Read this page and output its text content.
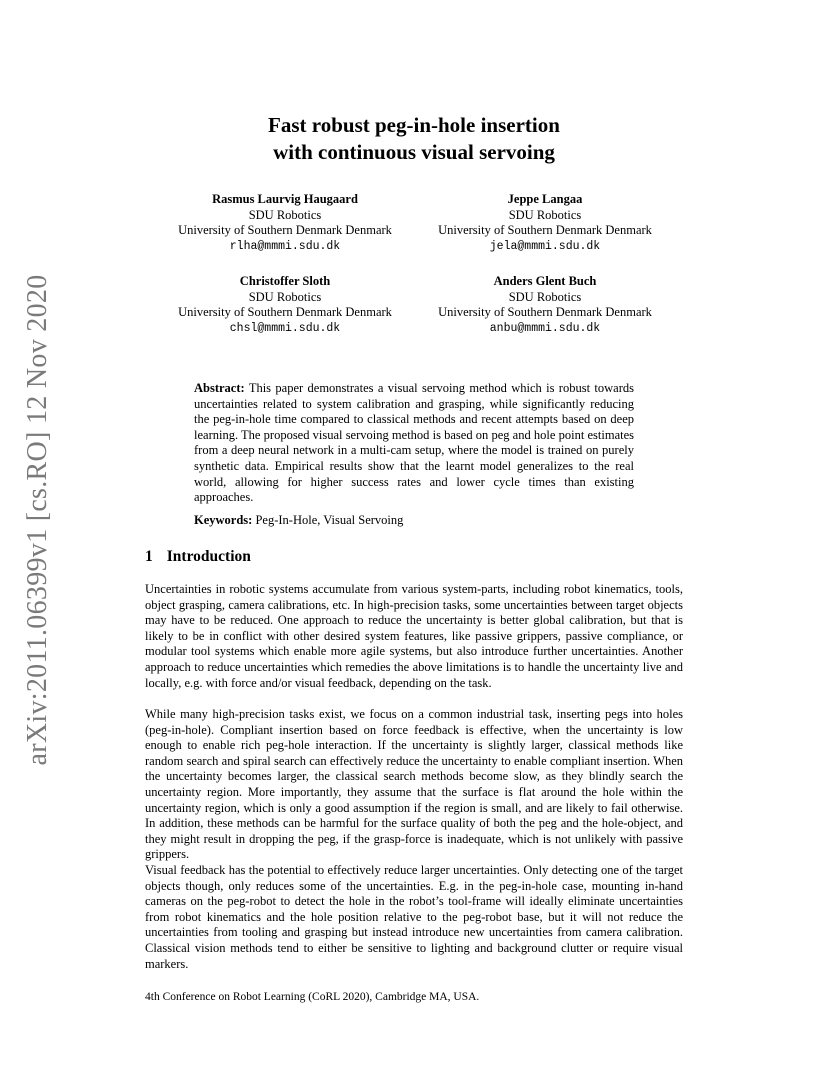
arXiv:2011.06399v1 [cs.RO] 12 Nov 2020
Fast robust peg-in-hole insertion
with continuous visual servoing
Rasmus Laurvig Haugaard
SDU Robotics
University of Southern Denmark Denmark
rlha@mmmi.sdu.dk
Jeppe Langaa
SDU Robotics
University of Southern Denmark Denmark
jela@mmmi.sdu.dk
Christoffer Sloth
SDU Robotics
University of Southern Denmark Denmark
chsl@mmmi.sdu.dk
Anders Glent Buch
SDU Robotics
University of Southern Denmark Denmark
anbu@mmmi.sdu.dk
Abstract: This paper demonstrates a visual servoing method which is robust towards uncertainties related to system calibration and grasping, while significantly reducing the peg-in-hole time compared to classical methods and recent attempts based on deep learning. The proposed visual servoing method is based on peg and hole point estimates from a deep neural network in a multi-cam setup, where the model is trained on purely synthetic data. Empirical results show that the learnt model generalizes to the real world, allowing for higher success rates and lower cycle times than existing approaches.
Keywords: Peg-In-Hole, Visual Servoing
1 Introduction
Uncertainties in robotic systems accumulate from various system-parts, including robot kinematics, tools, object grasping, camera calibrations, etc. In high-precision tasks, some uncertainties between target objects may have to be reduced. One approach to reduce the uncertainty is better global calibration, but that is likely to be in conflict with other desired system features, like passive grippers, passive compliance, or modular tool systems which enable more agile systems, but also introduce further uncertainties. Another approach to reduce uncertainties which remedies the above limitations is to handle the uncertainty live and locally, e.g. with force and/or visual feedback, depending on the task.
While many high-precision tasks exist, we focus on a common industrial task, inserting pegs into holes (peg-in-hole). Compliant insertion based on force feedback is effective, when the uncertainty is low enough to enable rich peg-hole interaction. If the uncertainty is slightly larger, classical methods like random search and spiral search can effectively reduce the uncertainty to enable compliant insertion. When the uncertainty becomes larger, the classical search methods become slow, as they blindly search the uncertainty region. More importantly, they assume that the surface is flat around the hole within the uncertainty region, which is only a good assumption if the region is small, and are likely to fail otherwise. In addition, these methods can be harmful for the surface quality of both the peg and the hole-object, and they might result in dropping the peg, if the grasp-force is inadequate, which is not unlikely with passive grippers.
Visual feedback has the potential to effectively reduce larger uncertainties. Only detecting one of the target objects though, only reduces some of the uncertainties. E.g. in the peg-in-hole case, mounting in-hand cameras on the peg-robot to detect the hole in the robot’s tool-frame will ideally eliminate uncertainties from robot kinematics and the hole position relative to the peg-robot base, but it will not reduce the uncertainties from tooling and grasping but instead introduce new uncertainties from camera calibration. Classical vision methods tend to either be sensitive to lighting and background clutter or require visual markers.
4th Conference on Robot Learning (CoRL 2020), Cambridge MA, USA.
